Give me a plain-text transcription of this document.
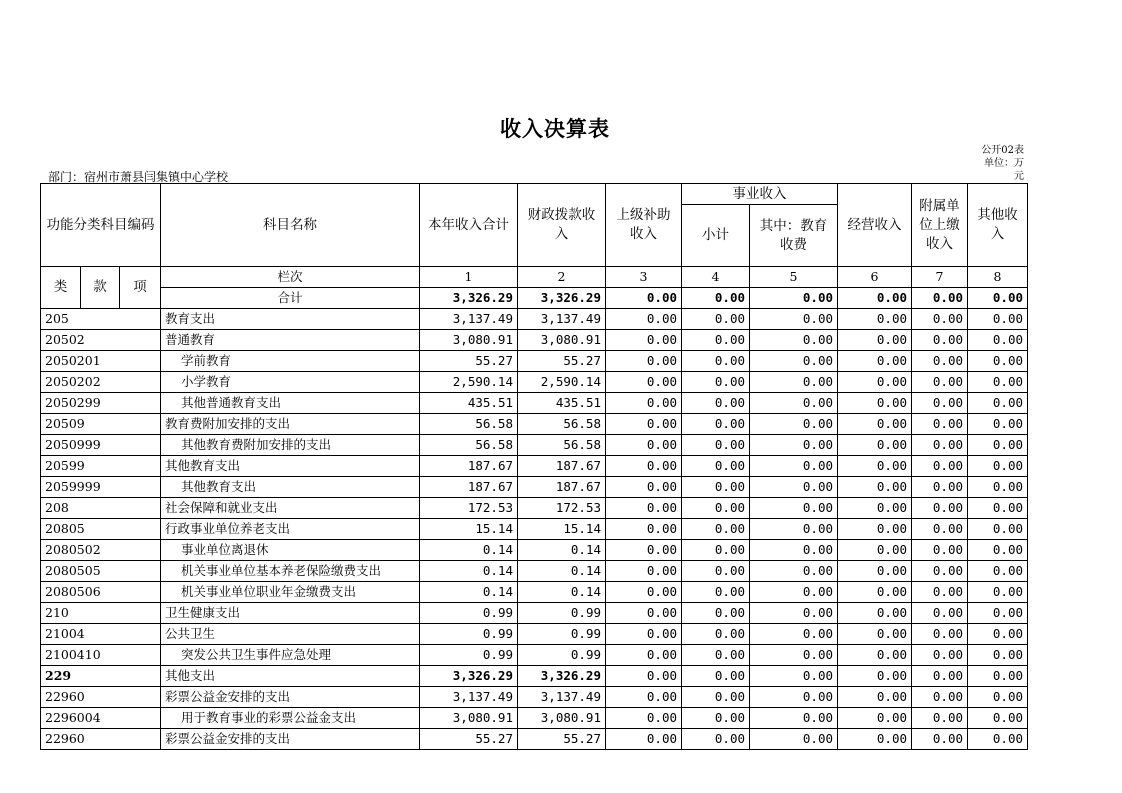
收入决算表
公开02表
单位：万
元
部门：宿州市萧县闫集镇中心学校
功能分类科目编码			科目名称	本年收入合计	财政拨款收入	上级补助收入	事业收入		经营收入	附属单位上缴收入	其他收入
							小计	其中：教育收费			
类	款	项	栏次	1	2	3	4	5	6	7	8
			合计	3,326.29	3,326.29	0.00	0.00	0.00	0.00	0.00	0.00
205			教育支出	3,137.49	3,137.49	0.00	0.00	0.00	0.00	0.00	0.00
20502			普通教育	3,080.91	3,080.91	0.00	0.00	0.00	0.00	0.00	0.00
2050201			学前教育	55.27	55.27	0.00	0.00	0.00	0.00	0.00	0.00
2050202			小学教育	2,590.14	2,590.14	0.00	0.00	0.00	0.00	0.00	0.00
2050299			其他普通教育支出	435.51	435.51	0.00	0.00	0.00	0.00	0.00	0.00
20509			教育费附加安排的支出	56.58	56.58	0.00	0.00	0.00	0.00	0.00	0.00
2050999			其他教育费附加安排的支出	56.58	56.58	0.00	0.00	0.00	0.00	0.00	0.00
20599			其他教育支出	187.67	187.67	0.00	0.00	0.00	0.00	0.00	0.00
2059999			其他教育支出	187.67	187.67	0.00	0.00	0.00	0.00	0.00	0.00
208			社会保障和就业支出	172.53	172.53	0.00	0.00	0.00	0.00	0.00	0.00
20805			行政事业单位养老支出	15.14	15.14	0.00	0.00	0.00	0.00	0.00	0.00
2080502			事业单位离退休	0.14	0.14	0.00	0.00	0.00	0.00	0.00	0.00
2080505			机关事业单位基本养老保险缴费支出	0.14	0.14	0.00	0.00	0.00	0.00	0.00	0.00
2080506			机关事业单位职业年金缴费支出	0.14	0.14	0.00	0.00	0.00	0.00	0.00	0.00
210			卫生健康支出	0.99	0.99	0.00	0.00	0.00	0.00	0.00	0.00
21004			公共卫生	0.99	0.99	0.00	0.00	0.00	0.00	0.00	0.00
2100410			突发公共卫生事件应急处理	0.99	0.99	0.00	0.00	0.00	0.00	0.00	0.00
229			其他支出	3,326.29	3,326.29	0.00	0.00	0.00	0.00	0.00	0.00
22960			彩票公益金安排的支出	3,137.49	3,137.49	0.00	0.00	0.00	0.00	0.00	0.00
2296004			用于教育事业的彩票公益金支出	3,080.91	3,080.91	0.00	0.00	0.00	0.00	0.00	0.00
22960			彩票公益金安排的支出	55.27	55.27	0.00	0.00	0.00	0.00	0.00	0.00
